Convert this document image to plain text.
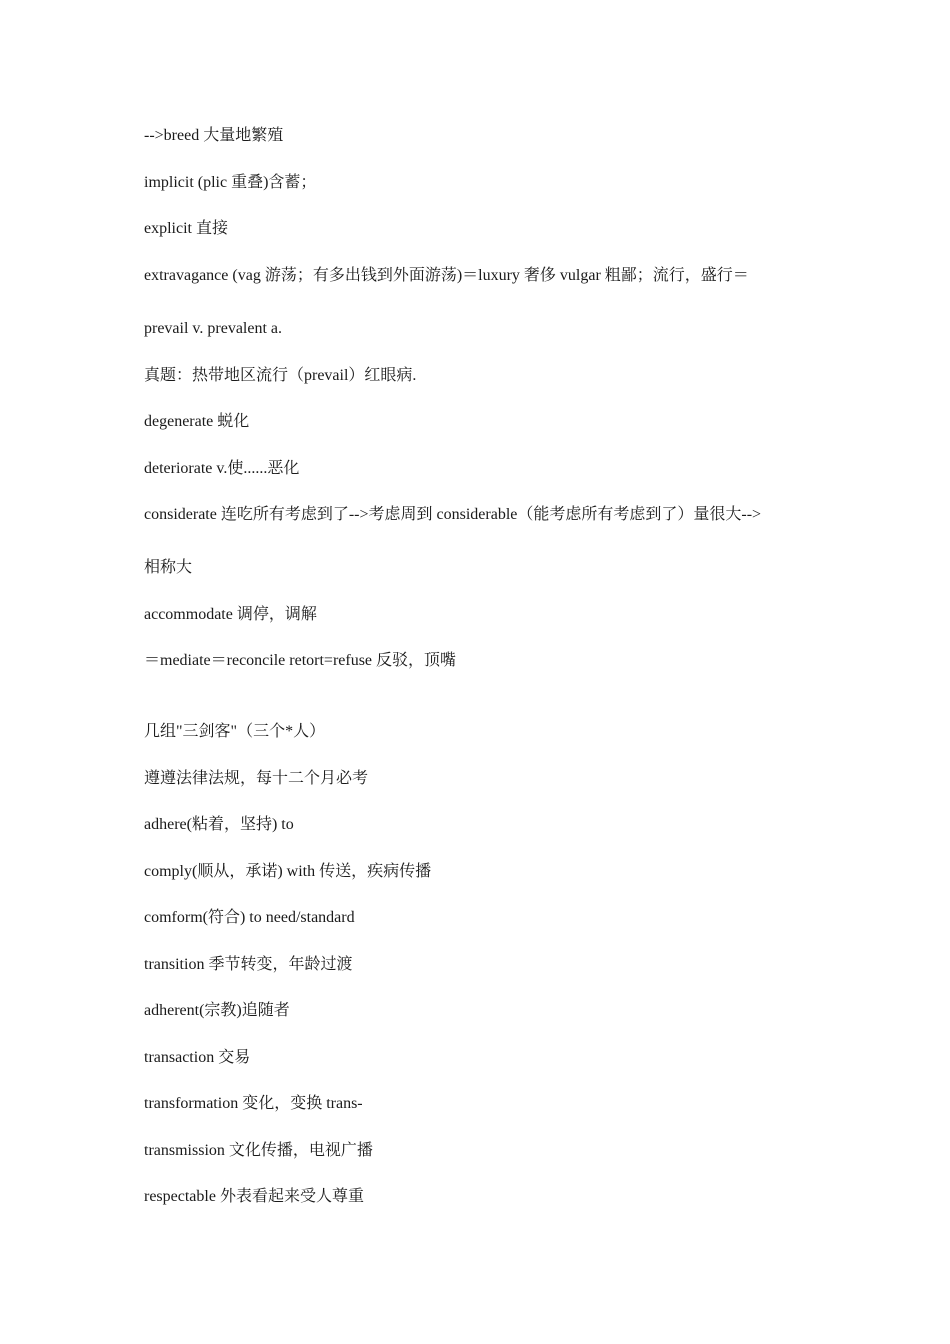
-->breed 大量地繁殖
implicit (plic 重叠)含蓄；
explicit 直接
extravagance (vag 游荡；有多出钱到外面游荡)＝luxury 奢侈 vulgar 粗鄙；流行，盛行＝
prevail v. prevalent a.
真题：热带地区流行（prevail）红眼病.
degenerate 蜕化
deteriorate v.使......恶化
considerate 连吃所有考虑到了-->考虑周到 considerable（能考虑所有考虑到了）量很大-->
相称大
accommodate 调停，调解
＝mediate＝reconcile retort=refuse 反驳，顶嘴
几组"三剑客"（三个*人）
遵遵法律法规，每十二个月必考
adhere(粘着，坚持) to
comply(顺从，承诺) with 传送，疾病传播
comform(符合) to need/standard
transition 季节转变，年龄过渡
adherent(宗教)追随者
transaction 交易
transformation 变化，变换 trans-
transmission 文化传播，电视广播
respectable 外表看起来受人尊重
